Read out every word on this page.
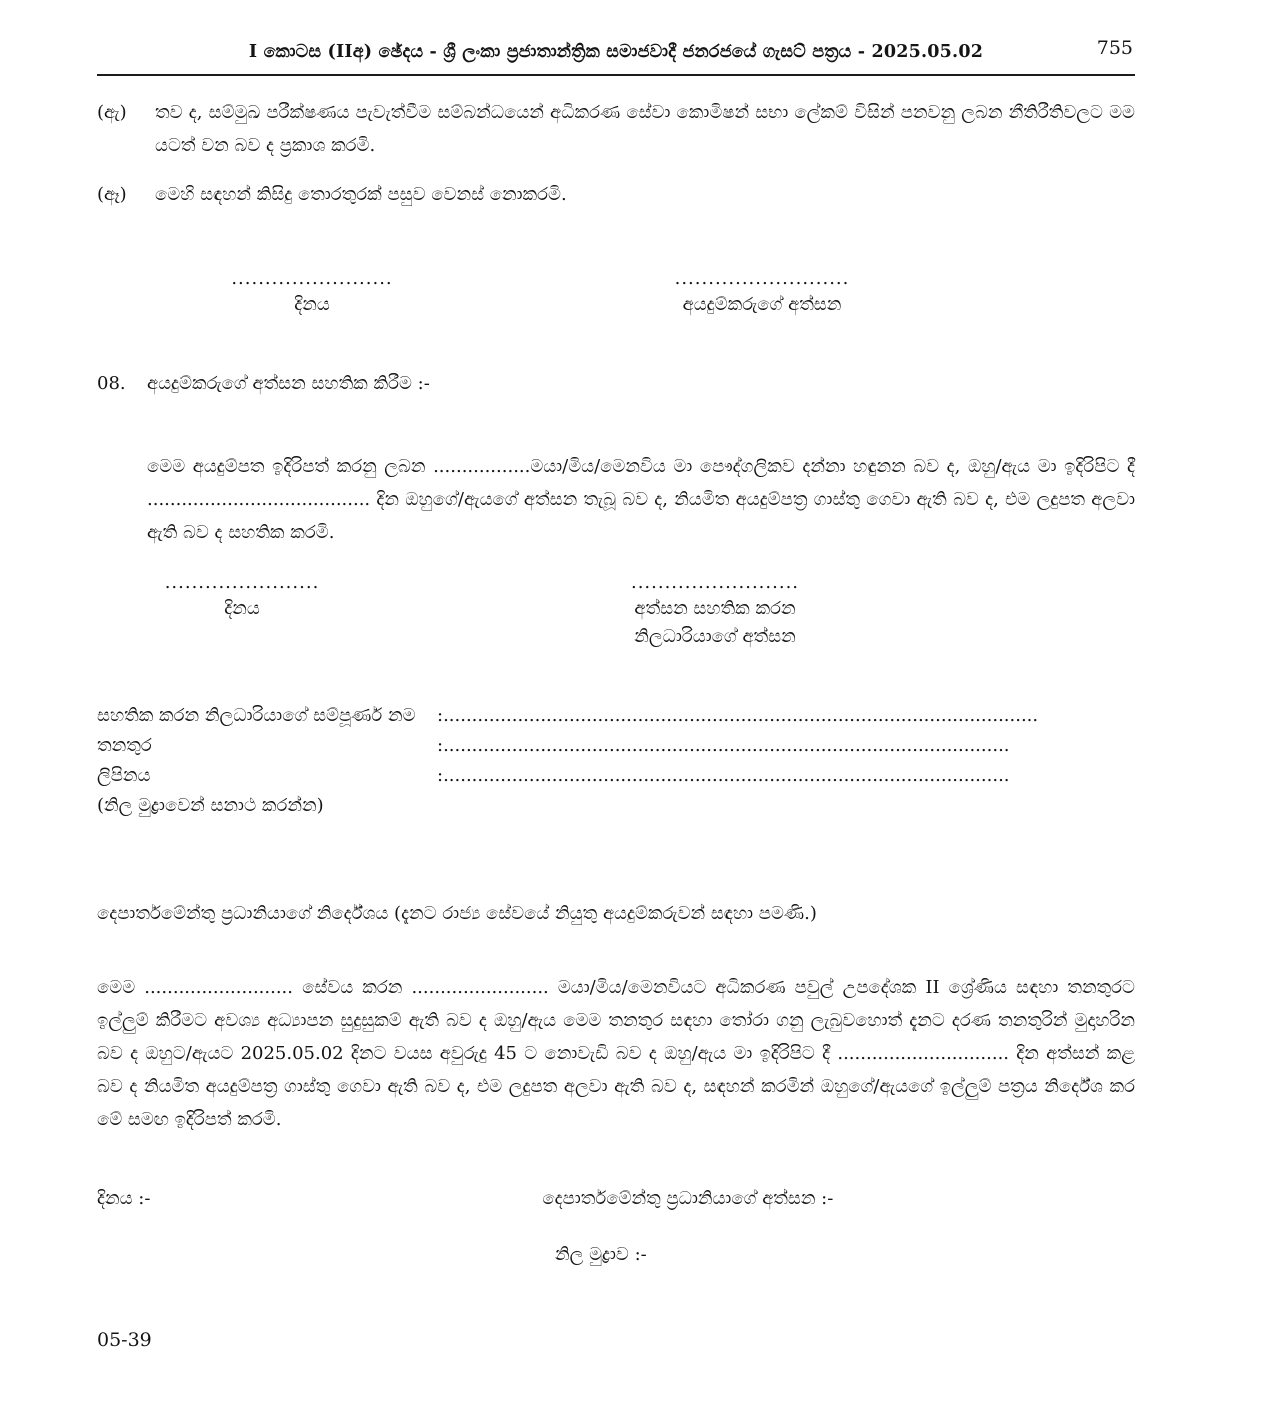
I කොටස (IIඅ) ඡේදය - ශ්‍රී ලංකා ප්‍රජාතාන්ත්‍රික සමාජවාදී ජනරජයේ ගැසට් පත්‍රය - 2025.05.02	755
(ඇ)	තව ද, සම්මුඛ පරීක්ෂණය පැවැත්වීම සම්බන්ධයෙන් අධිකරණ සේවා කොමිෂන් සභා ලේකම් විසින් පනවනු ලබන නීතිරීතිවලට මම යටත් වන බව ද ප්‍රකාශ කරමි.
(ඈ)	මෙහි සඳහන් කිසිදු තොරතුරක් පසුව වෙනස් නොකරමි.
........................
දිනය
..........................
අයදුම්කරුගේ අත්සන
08.	අයදුම්කරුගේ අත්සන සහතික කිරීම :-
මෙම අයදුම්පත ඉදිරිපත් කරනු ලබන .................මයා/මිය/මෙනවිය මා පෞද්ගලිකව දන්නා හඳුනන බව ද, ඔහු/ඇය මා ඉදිරිපිට දී ....................................... දින ඔහුගේ/ඇයගේ අත්සන තැබූ බව ද, නියමිත අයදුම්පත්‍ර ගාස්තු ගෙවා ඇති බව ද, එම ලදුපත අලවා ඇති බව ද සහතික කරමි.
.......................
දිනය
.........................
අත්සන සහතික කරන
නිලධාරියාගේ අත්සන
සහතික කරන නිලධාරියාගේ සම්පූර්ණ නම	:........................................................................................................
තනතුර	:...................................................................................................
ලිපිනය	:...................................................................................................
(නිල මුද්‍රාවෙන් සනාථ කරන්න)
දෙපාර්තමේන්තු ප්‍රධානියාගේ නිර්දේශය (දැනට රාජ්‍ය සේවයේ නියුතු අයදුම්කරුවන් සඳහා පමණි.)
මෙම .......................... සේවය කරන ........................ මයා/මිය/මෙනවියට අධිකරණ පවුල් උපදේශක II ශ්‍රේණිය සඳහා තනතුරට ඉල්ලුම් කිරීමට අවශ්‍ය අධ්‍යාපන සුදුසුකම් ඇති බව ද ඔහු/ඇය මෙම තනතුර සඳහා තෝරා ගනු ලැබුවහොත් දැනට දරණ තනතුරින් මුදාහරින බව ද ඔහුට/ඇයට 2025.05.02 දිනට වයස අවුරුදු 45 ට නොවැඩි බව ද ඔහු/ඇය මා ඉදිරිපිට දී .............................. දින අත්සන් කළ බව ද නියමිත අයදුම්පත්‍ර ගාස්තු ගෙවා ඇති බව ද, එම ලදුපත අලවා ඇති බව ද, සඳහන් කරමින් ඔහුගේ/ඇයගේ ඉල්ලුම් පත්‍රය නිර්දේශ කර මේ සමඟ ඉදිරිපත් කරමි.
දිනය :-	දෙපාර්තමේන්තු ප්‍රධානියාගේ අත්සන :-
නිල මුද්‍රාව :-
05-39
